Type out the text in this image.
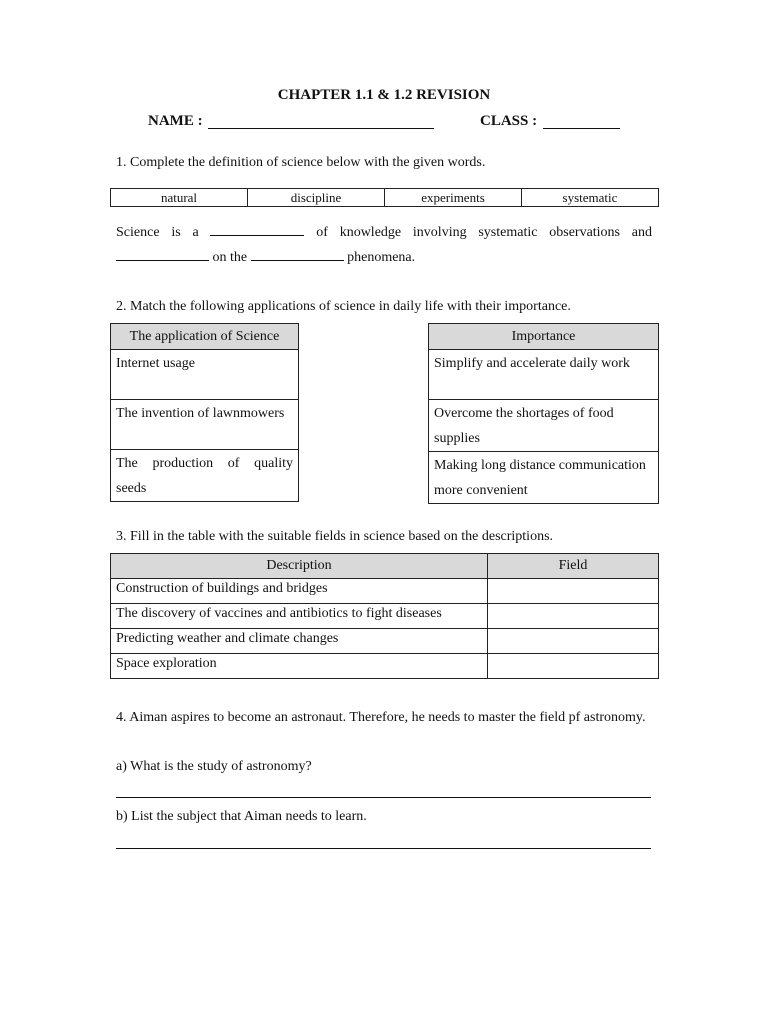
CHAPTER 1.1 & 1.2 REVISION
NAME :	CLASS :
1. Complete the definition of science below with the given words.
natural	discipline	experiments	systematic
Science is a	of knowledge involving systematic observations and  on the	phenomena.
2. Match the following applications of science in daily life with their importance.
The application of Science
Internet usage
The invention of lawnmowers
The production of quality seeds
Importance
Simplify and accelerate daily work
Overcome the shortages of food supplies
Making long distance communication more convenient
3. Fill in the table with the suitable fields in science based on the descriptions.
Description	Field
Construction of buildings and bridges	
The discovery of vaccines and antibiotics to fight diseases	
Predicting weather and climate changes	
Space exploration	
4. Aiman aspires to become an astronaut. Therefore, he needs to master the field pf astronomy.
a) What is the study of astronomy?
b) List the subject that Aiman needs to learn.
